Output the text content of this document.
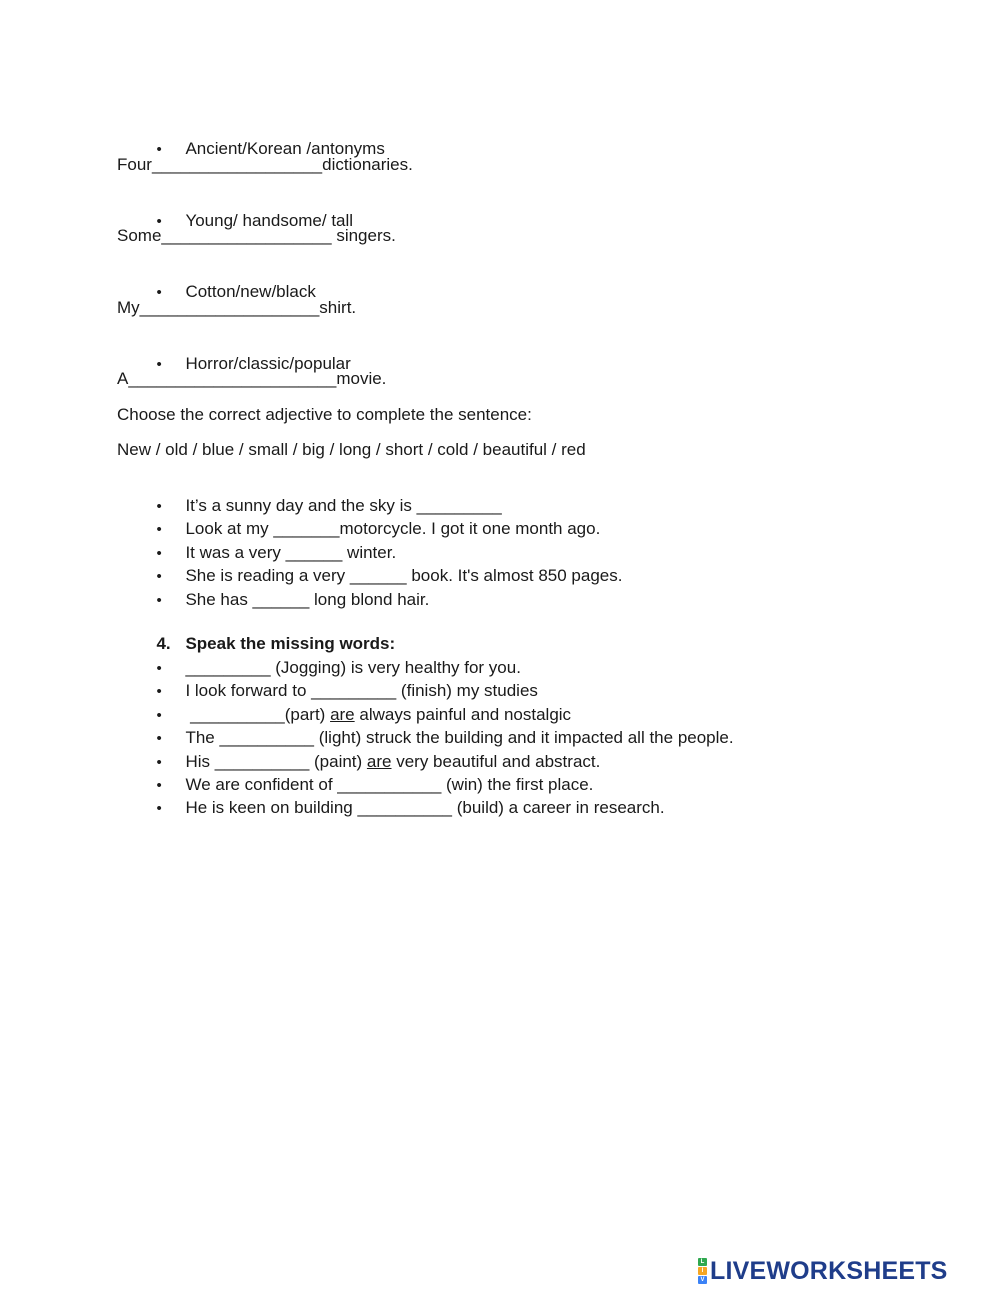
• Ancient/Korean /antonyms

Four__________________dictionaries.

• Young/ handsome/ tall

Some__________________ singers.

• Cotton/new/black

My___________________shirt.

• Horror/classic/popular

A______________________movie.
Choose the correct adjective to complete the sentence:
New / old / blue / small / big / long / short / cold / beautiful / red

• It’s a sunny day and the sky is _________

• Look at my _______motorcycle. I got it one month ago.

• It was a very ______ winter.

• She is reading a very ______ book. It's almost 850 pages.

• She has ______ long blond hair.

4. Speak the missing words:

• _________ (Jogging) is very healthy for you.

• I look forward to _________ (finish) my studies

•  __________(part) are always painful and nostalgic

• The __________ (light) struck the building and it impacted all the people.

• His __________ (paint) are very beautiful and abstract.

• We are confident of ___________ (win) the first place.

• He is keen on building __________ (build) a career in research.

L
I
V LIVEWORKSHEETS
